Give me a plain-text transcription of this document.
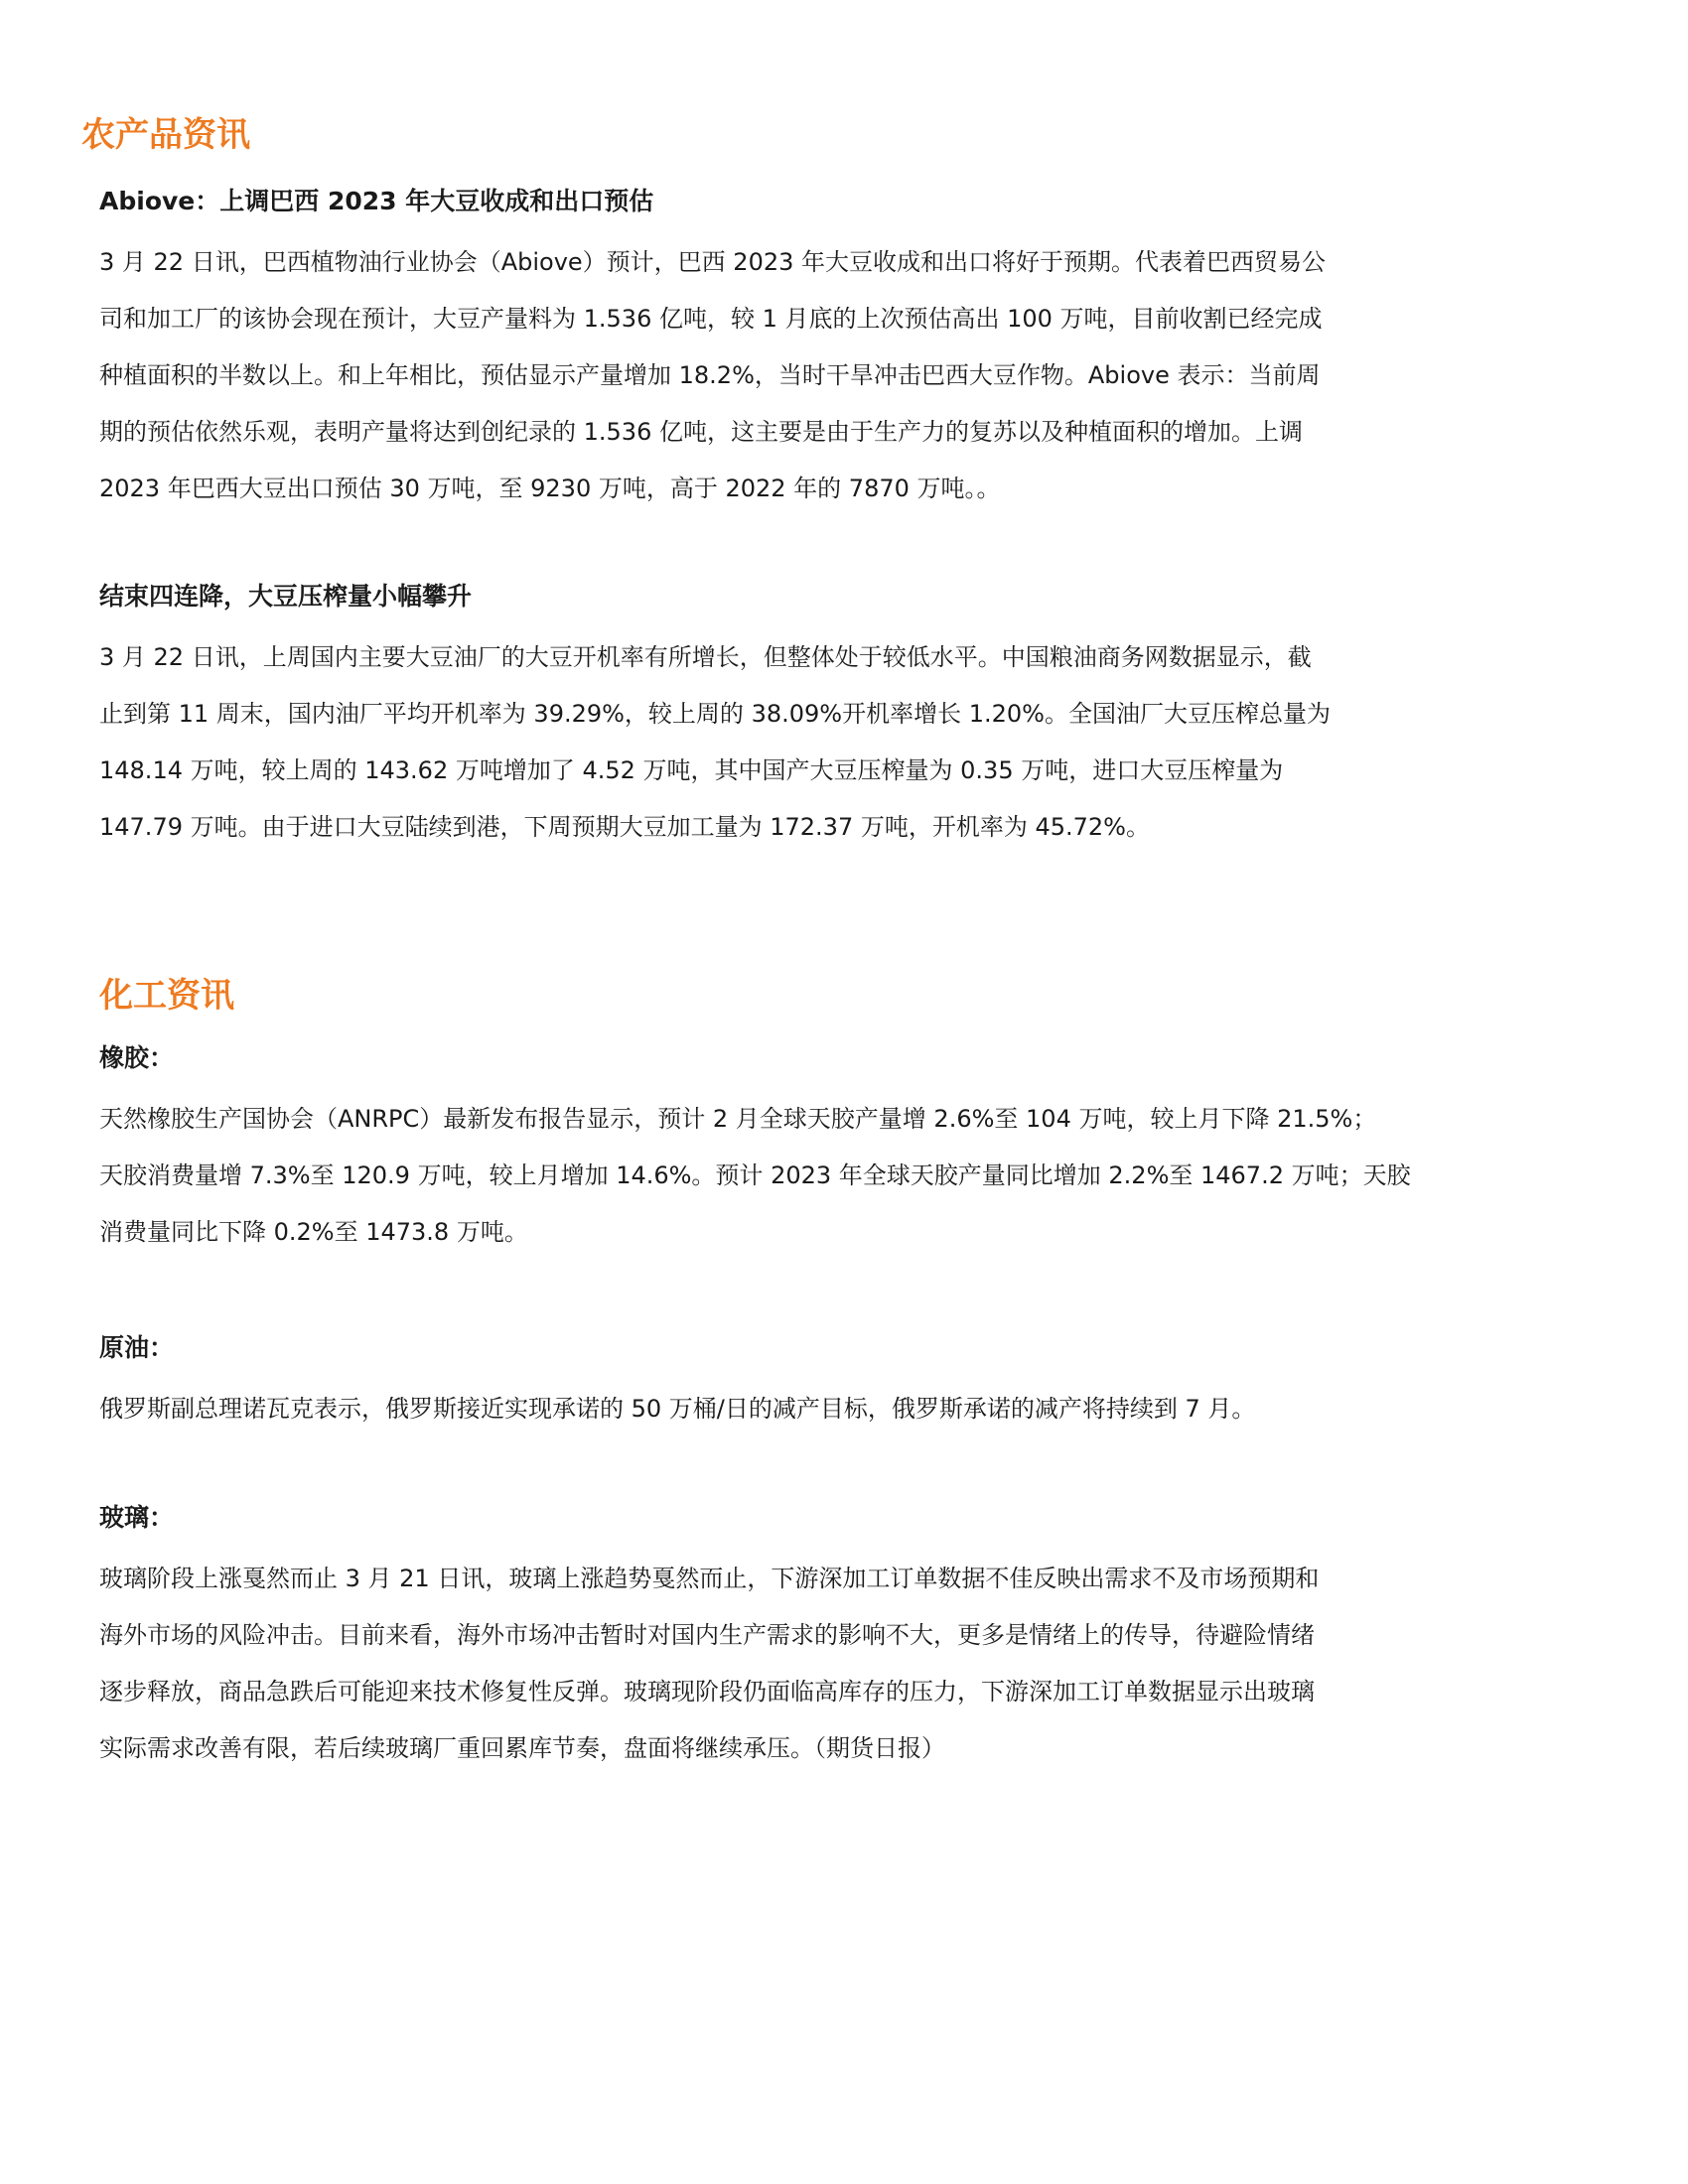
农产品资讯
Abiove：上调巴西 2023 年大豆收成和出口预估

3 月 22 日讯，巴西植物油行业协会（Abiove）预计，巴西 2023 年大豆收成和出口将好于预期。代表着巴西贸易公
司和加工厂的该协会现在预计，大豆产量料为 1.536 亿吨，较 1 月底的上次预估高出 100 万吨，目前收割已经完成
种植面积的半数以上。和上年相比，预估显示产量增加 18.2%，当时干旱冲击巴西大豆作物。Abiove 表示：当前周
期的预估依然乐观，表明产量将达到创纪录的 1.536 亿吨，这主要是由于生产力的复苏以及种植面积的增加。上调
2023 年巴西大豆出口预估 30 万吨，至 9230 万吨，高于 2022 年的 7870 万吨。。

结束四连降，大豆压榨量小幅攀升

3 月 22 日讯，上周国内主要大豆油厂的大豆开机率有所增长，但整体处于较低水平。中国粮油商务网数据显示，截
止到第 11 周末，国内油厂平均开机率为 39.29%，较上周的 38.09%开机率增长 1.20%。全国油厂大豆压榨总量为
148.14 万吨，较上周的 143.62 万吨增加了 4.52 万吨，其中国产大豆压榨量为 0.35 万吨，进口大豆压榨量为
147.79 万吨。由于进口大豆陆续到港，下周预期大豆加工量为 172.37 万吨，开机率为 45.72%。

化工资讯
橡胶：

天然橡胶生产国协会（ANRPC）最新发布报告显示，预计 2 月全球天胶产量增 2.6%至 104 万吨，较上月下降 21.5%；
天胶消费量增 7.3%至 120.9 万吨，较上月增加 14.6%。预计 2023 年全球天胶产量同比增加 2.2%至 1467.2 万吨；天胶
消费量同比下降 0.2%至 1473.8 万吨。

原油：

俄罗斯副总理诺瓦克表示，俄罗斯接近实现承诺的 50 万桶/日的减产目标，俄罗斯承诺的减产将持续到 7 月。

玻璃：

玻璃阶段上涨戛然而止 3 月 21 日讯，玻璃上涨趋势戛然而止，下游深加工订单数据不佳反映出需求不及市场预期和
海外市场的风险冲击。目前来看，海外市场冲击暂时对国内生产需求的影响不大，更多是情绪上的传导，待避险情绪
逐步释放，商品急跌后可能迎来技术修复性反弹。玻璃现阶段仍面临高库存的压力，下游深加工订单数据显示出玻璃
实际需求改善有限，若后续玻璃厂重回累库节奏，盘面将继续承压。（期货日报）
